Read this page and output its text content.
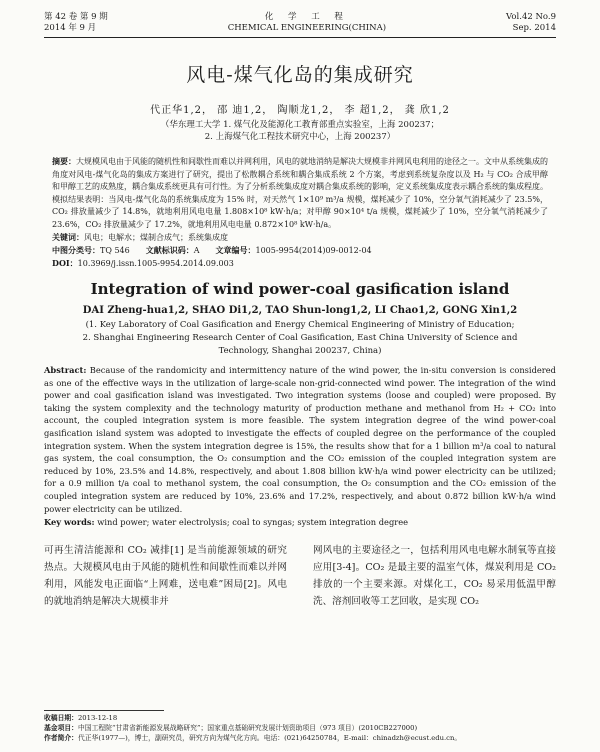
第 42 卷 第 9 期
2014 年 9 月
化 学 工 程
CHEMICAL ENGINEERING(CHINA)
Vol.42 No.9
Sep. 2014
风电-煤气化岛的集成研究
代正华1,2， 邵 迪1,2， 陶顺龙1,2， 李 超1,2， 龚 欣1,2
（华东理工大学 1. 煤气化及能源化工教育部重点实验室，上海 200237；
2. 上海煤气化工程技术研究中心，上海 200237）
摘要：大规模风电由于风能的随机性和间歇性而难以并网利用，风电的就地消纳是解决大规模非并网风电利用的途径之一。文中从系统集成的角度对风电-煤气化岛的集成方案进行了研究，提出了松散耦合系统和耦合集成系统 2 个方案，考虑到系统复杂度以及 H₂ 与 CO₂ 合成甲醇和甲醇工艺的成熟度，耦合集成系统更具有可行性。为了分析系统集成度对耦合集成系统的影响，定义系统集成度表示耦合系统的集成程度。模拟结果表明：当风电-煤气化岛的系统集成度为 15% 时，对天然气 1×10⁹ m³/a 规模，煤耗减少了 10%，空分氧气消耗减少了 23.5%，CO₂ 排放量减少了 14.8%，就地利用风电电量 1.808×10⁸ kW·h/a；对甲醇 90×10⁴ t/a 规模，煤耗减少了 10%，空分氧气消耗减少了 23.6%，CO₂ 排放量减少了 17.2%，就地利用风电电量 0.872×10⁸ kW·h/a。
关键词：风电；电解水；煤制合成气；系统集成度
中图分类号：TQ 546 文献标识码：A 文章编号：1005-9954(2014)09-0012-04
DOI：10.3969/j.issn.1005-9954.2014.09.003
Integration of wind power-coal gasification island
DAI Zheng-hua1,2, SHAO Di1,2, TAO Shun-long1,2, LI Chao1,2, GONG Xin1,2
(1. Key Laboratory of Coal Gasification and Energy Chemical Engineering of Ministry of Education;
2. Shanghai Engineering Research Center of Coal Gasification, East China University of Science and
Technology, Shanghai 200237, China)
Abstract: Because of the randomicity and intermittency nature of the wind power, the in-situ conversion is considered as one of the effective ways in the utilization of large-scale non-grid-connected wind power. The integration of the wind power and coal gasification island was investigated. Two integration systems (loose and coupled) were proposed. By taking the system complexity and the technology maturity of production methane and methanol from H₂ + CO₂ into account, the coupled integration system is more feasible. The system integration degree of the wind power-coal gasification island system was adopted to investigate the effects of coupled degree on the performance of the coupled integration system. When the system integration degree is 15%, the results show that for a 1 billion m³/a coal to natural gas system, the coal consumption, the O₂ consumption and the CO₂ emission of the coupled integration system are reduced by 10%, 23.5% and 14.8%, respectively, and about 1.808 billion kW·h/a wind power electricity can be utilized; for a 0.9 million t/a coal to methanol system, the coal consumption, the O₂ consumption and the CO₂ emission of the coupled integration system are reduced by 10%, 23.6% and 17.2%, respectively, and about 0.872 billion kW·h/a wind power electricity can be utilized.
Key words: wind power; water electrolysis; coal to syngas; system integration degree
可再生清洁能源和 CO₂ 减排[1] 是当前能源领域的研究热点。大规模风电由于风能的随机性和间歇性而难以并网利用，风能发电正面临“上网难，送电难”困局[2]。风电的就地消纳是解决大规模非并
网风电的主要途径之一，包括利用风电电解水制氧等直接应用[3-4]。CO₂ 是最主要的温室气体，煤炭利用是 CO₂ 排放的一个主要来源。对煤化工，CO₂ 易采用低温甲醇洗、溶剂回收等工艺回收，是实现 CO₂
收稿日期：2013-12-18
基金项目：中国工程院“甘肃省新能源发展战略研究”；国家重点基础研究发展计划资助项目（973 项目）(2010CB227000)
作者简介：代正华(1977—)，博士，副研究员，研究方向为煤气化方向。电话：(021)64250784，E-mail：chinadzh@ecust.edu.cn。
